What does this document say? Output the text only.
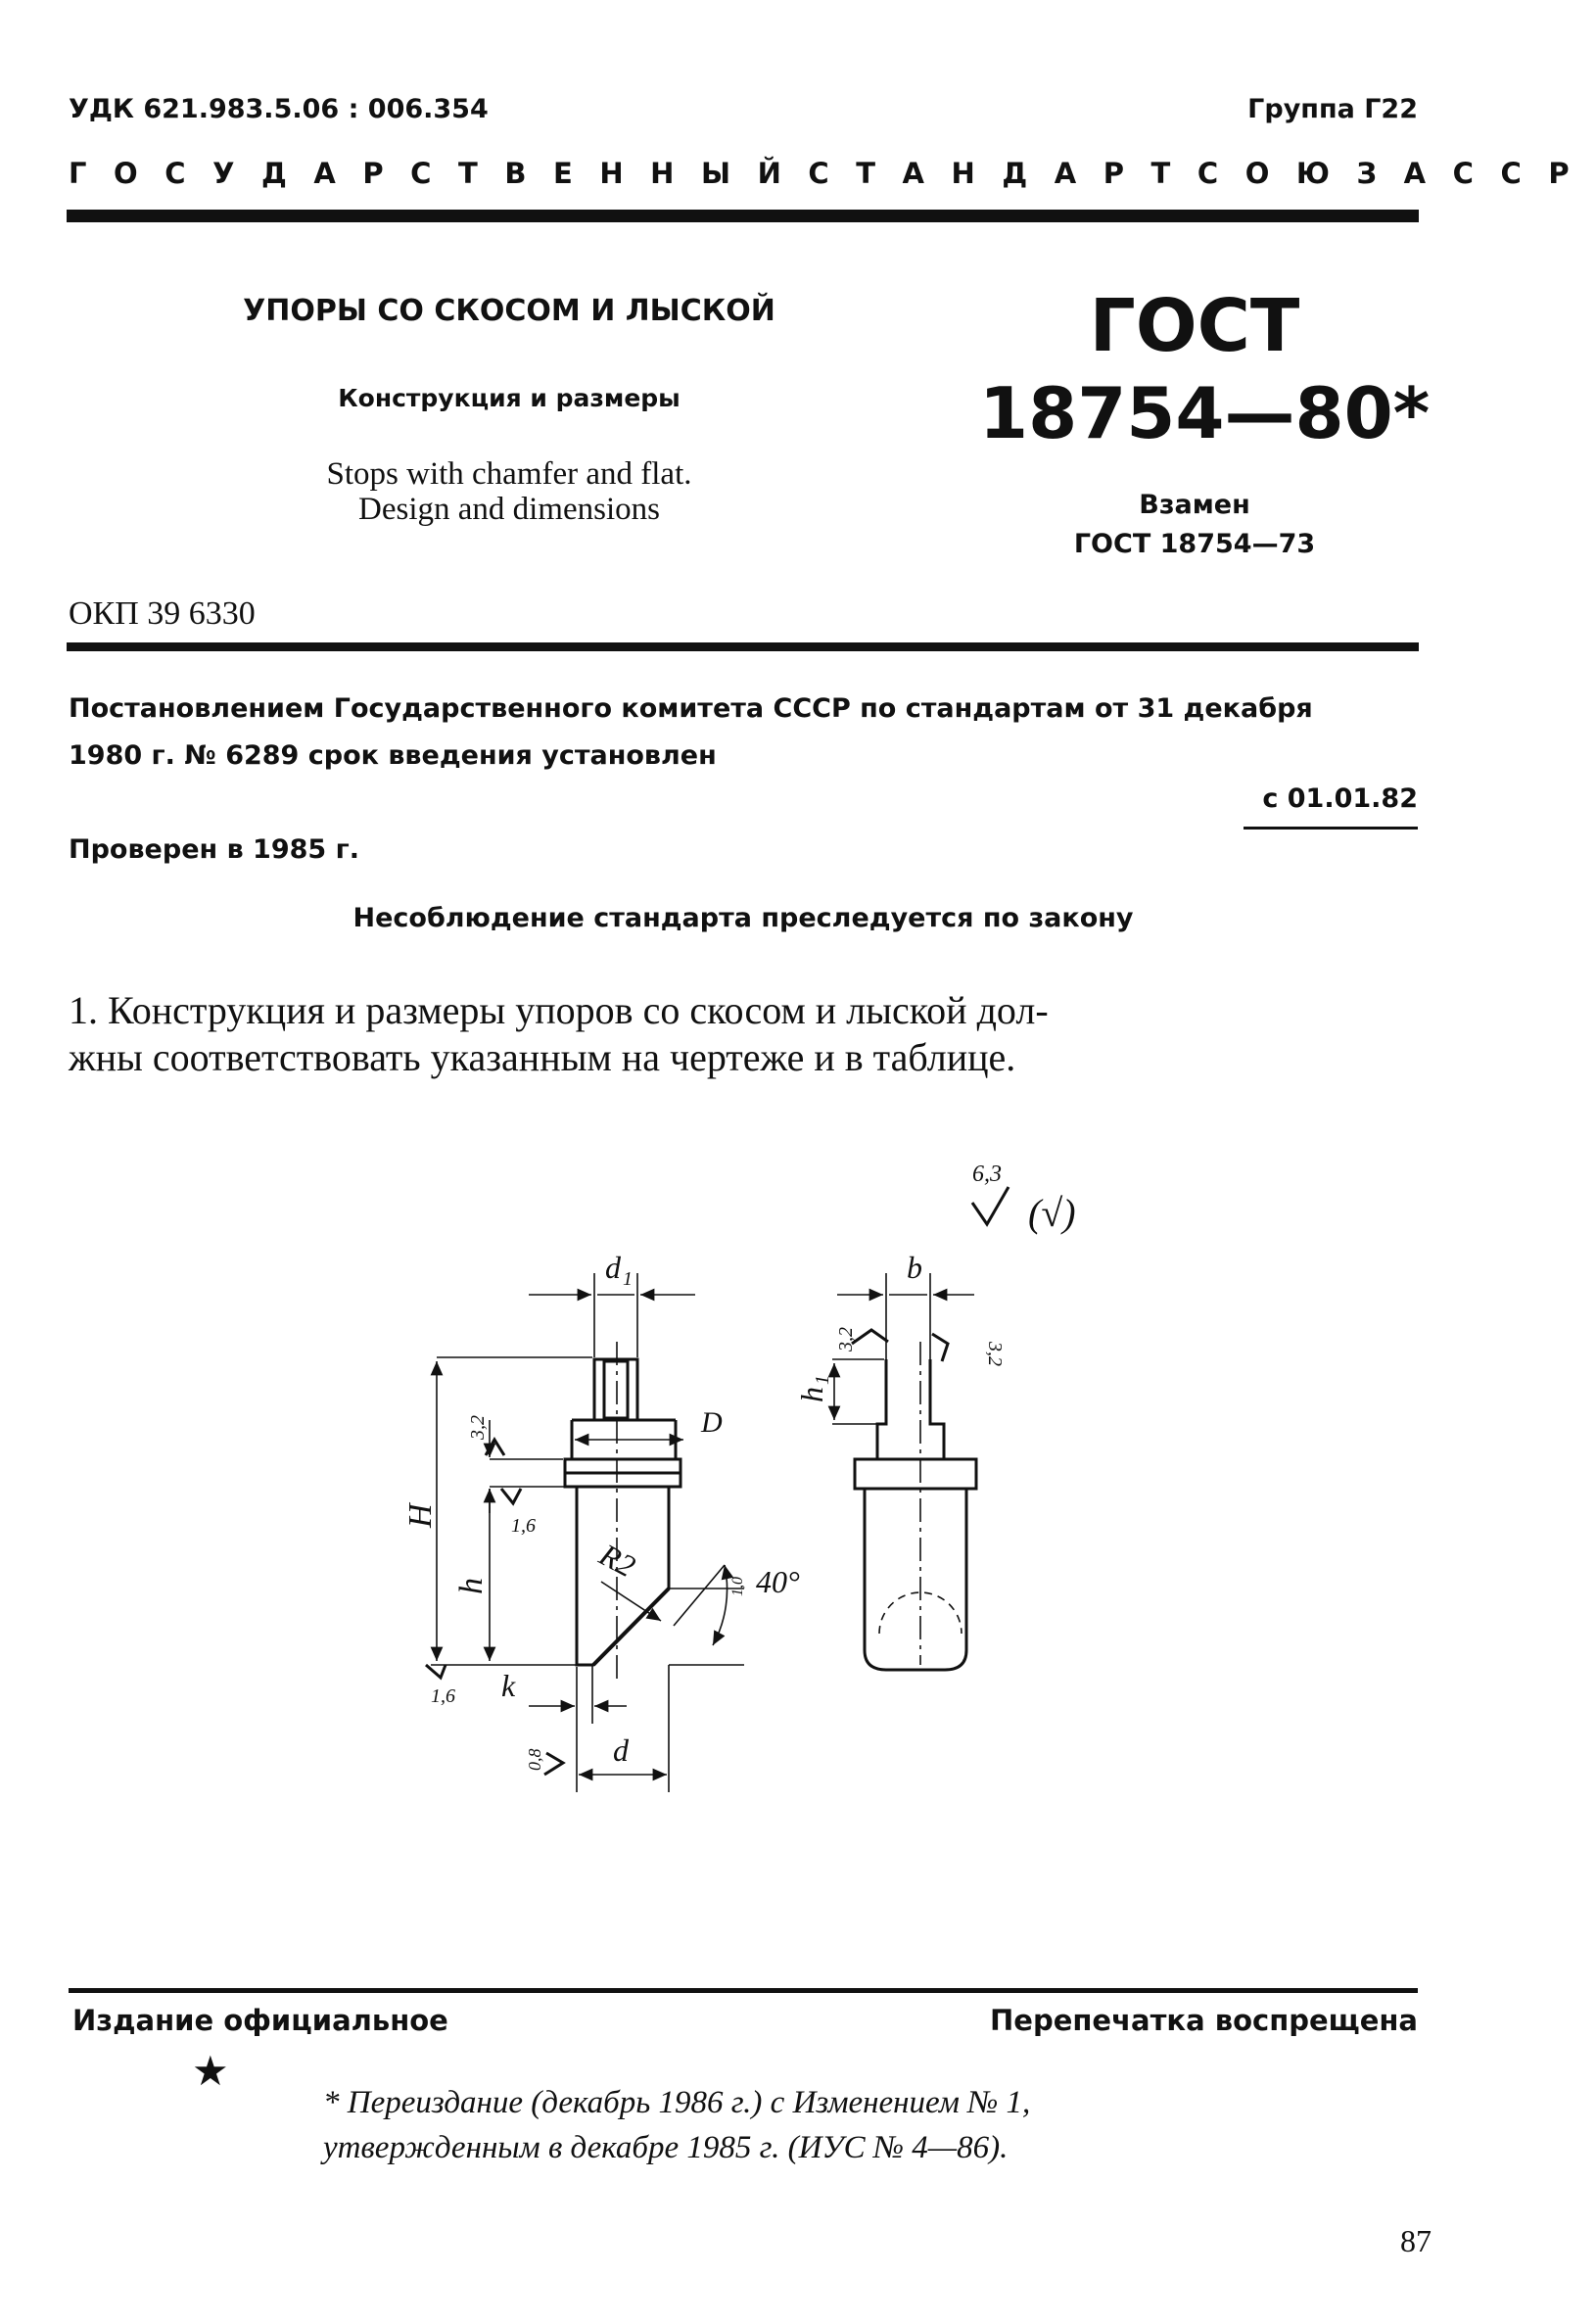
УДК 621.983.5.06 : 006.354	Группа Г22
ГОСУДАРСТВЕННЫЙ СТАНДАРТ СОЮЗА ССР
УПОРЫ СО СКОСОМ И ЛЫСКОЙ
Конструкция и размеры
Stops with chamfer and flat.
Design and dimensions
ГОСТ
18754—80*
Взамен
ГОСТ 18754—73
ОКП 39 6330
Постановлением Государственного комитета СССР по стандартам от 31 декабря
1980 г. № 6289 срок введения установлен
с 01.01.82
Проверен в 1985 г.
Несоблюдение стандарта преследуется по закону
1. Конструкция и размеры упоров со скосом и лыской дол-
жны соответствовать указанным на чертеже и в таблице.
6,3
(√)
d 1	b
D
H
h
h
1
R2	40°
k
d
3,2
3,2
3,2
1,6
1,6
0,8
1,0
Издание официальное	Перепечатка воспрещена
★
* Переиздание (декабрь 1986 г.) с Изменением № 1,
утвержденным в декабре 1985 г. (ИУС № 4—86).
87
